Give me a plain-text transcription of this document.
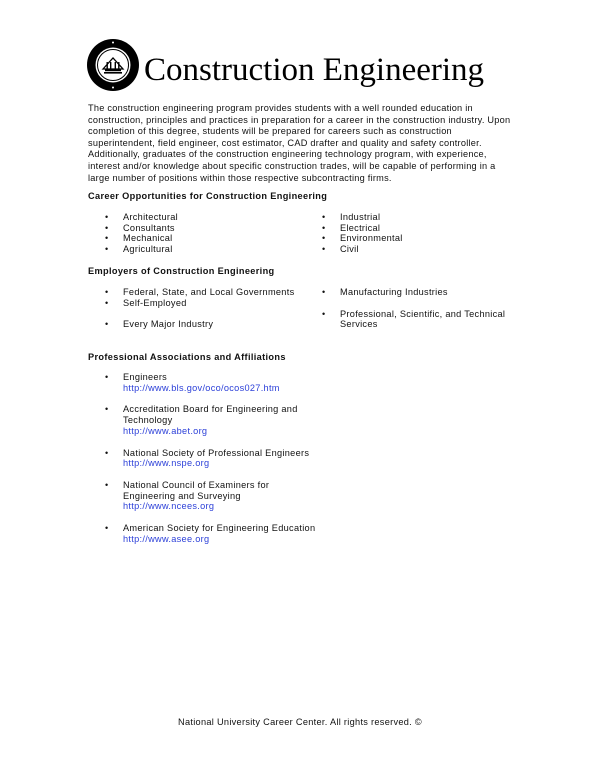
Construction Engineering

The construction engineering program provides students with a well rounded education in construction, principles and practices in preparation for a career in the construction industry. Upon completion of this degree, students will be prepared for careers such as construction superintendent, field engineer, cost estimator, CAD drafter and quality and safety controller. Additionally, graduates of the construction engineering technology program, with experience, interest and/or knowledge about specific construction trades, will be capable of performing in a large number of positions within those respective subcontracting firms.

Career Opportunities for Construction Engineering
• Architectural
• Consultants
• Mechanical
• Agricultural
• Industrial
• Electrical
• Environmental
• Civil
Employers of Construction Engineering
• Federal, State, and Local Governments
• Self-Employed
• Every Major Industry
• Manufacturing Industries
• Professional, Scientific, and Technical Services
Professional Associations and Affiliations
• Engineers
http://www.bls.gov/oco/ocos027.htm
• Accreditation Board for Engineering and Technology
http://www.abet.org
• National Society of Professional Engineers
http://www.nspe.org
• National Council of Examiners for Engineering and Surveying
http://www.ncees.org
• American Society for Engineering Education
http://www.asee.org
National University Career Center. All rights reserved. ©
